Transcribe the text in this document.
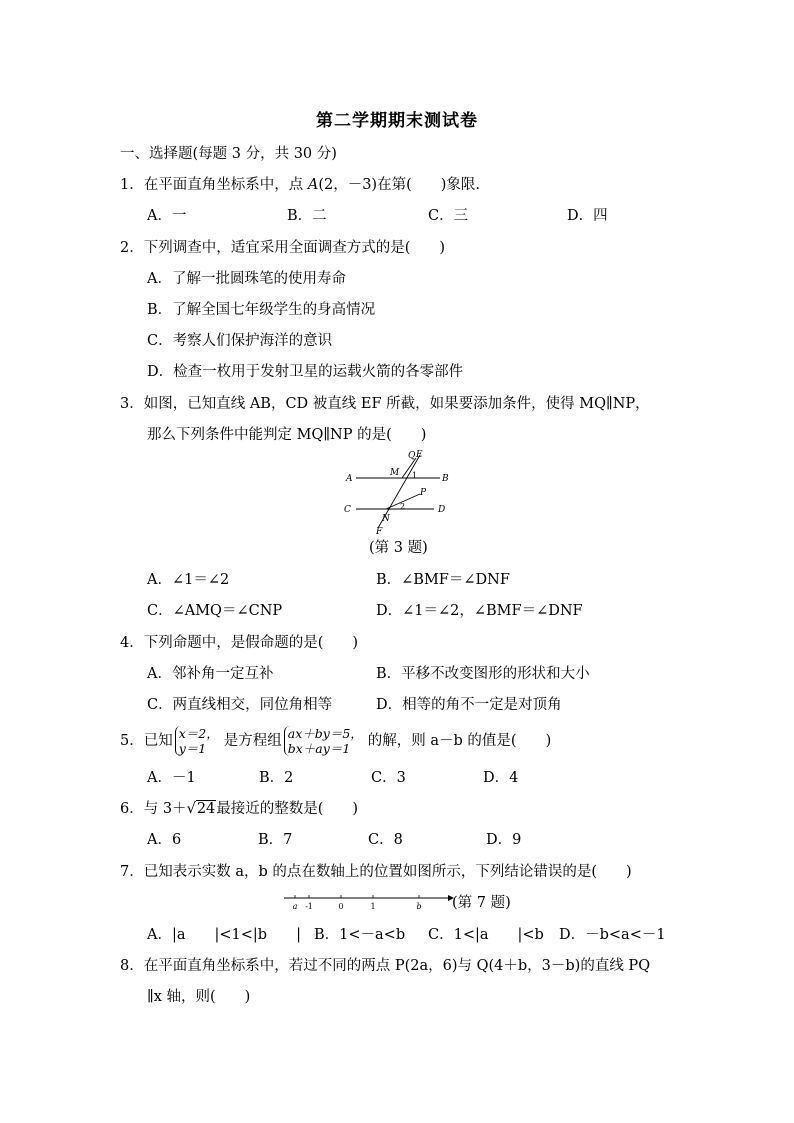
第二学期期末测试卷
一、选择题(每题 3 分，共 30 分)
1．在平面直角坐标系中，点 A(2，－3)在第(　　)象限.
A．一	B．二	C．三	D．四
2．下列调查中，适宜采用全面调查方式的是(　　)
A．了解一批圆珠笔的使用寿命
B．了解全国七年级学生的身高情况
C．考察人们保护海洋的意识
D．检查一枚用于发射卫星的运载火箭的各零部件
3．如图，已知直线 AB，CD 被直线 EF 所截，如果要添加条件，使得 MQ∥NP，
那么下列条件中能判定 MQ∥NP 的是(　　)
A	B
C	D
E
F
M
N
P
Q
1
2
(第 3 题)
A．∠1＝∠2	B．∠BMF＝∠DNF
C．∠AMQ＝∠CNP	D．∠1＝∠2，∠BMF＝∠DNF
4．下列命题中，是假命题的是(　　)
A．邻补角一定互补	B．平移不改变图形的形状和大小
C．两直线相交，同位角相等	D．相等的角不一定是对顶角
5．已知 x＝2，
y＝1 是方程组 ax＋by＝5，
bx＋ay＝1 的解，则 a－b 的值是(　　)
A．－1	B．2	C．3	D．4
6．与 3＋√24最接近的整数是(　　)
A．6	B．7	C．8	D．9
7．已知表示实数 a，b 的点在数轴上的位置如图所示，下列结论错误的是(　　)
a -1	0	1	b (第 7 题)
A．|a　　|<1<|b　　| B．1<－a<b C．1<|a　　|<b D．－b<a<－1
8．在平面直角坐标系中，若过不同的两点 P(2a，6)与 Q(4＋b，3－b)的直线 PQ
∥x 轴，则(　　)
